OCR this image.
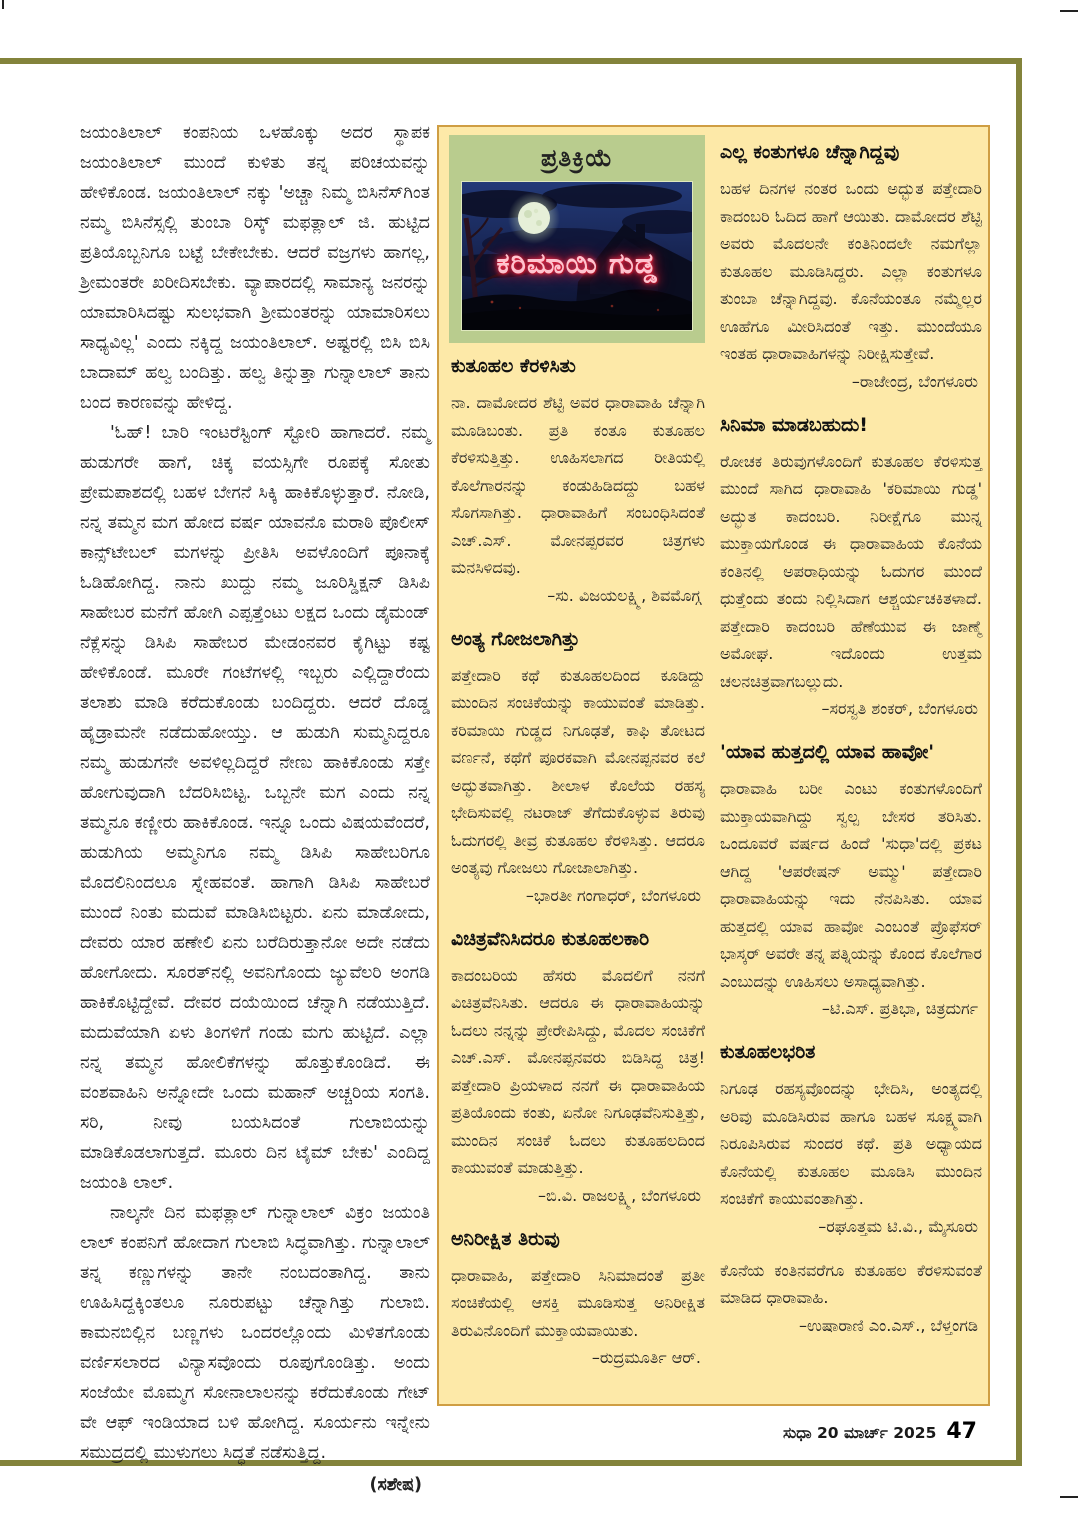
ಜಯಂತಿಲಾಲ್ ಕಂಪನಿಯ ಒಳಹೊಕ್ಕು ಅದರ ಸ್ಥಾಪಕ ಜಯಂತಿಲಾಲ್ ಮುಂದೆ ಕುಳಿತು ತನ್ನ ಪರಿಚಯವನ್ನು ಹೇಳಿಕೊಂಡ. ಜಯಂತಿಲಾಲ್ ನಕ್ಕು 'ಅಚ್ಚಾ ನಿಮ್ಮ ಬಿಸಿನೆಸ್‌ಗಿಂತ ನಮ್ಮ ಬಿಸಿನೆಸ್ಸಲ್ಲಿ ತುಂಬಾ ರಿಸ್ಕ್ ಮಫತ್ಲಾಲ್ ಜಿ. ಹುಟ್ಟಿದ ಪ್ರತಿಯೊಬ್ಬನಿಗೂ ಬಟ್ಟೆ ಬೇಕೇಬೇಕು. ಆದರೆ ವಜ್ರಗಳು ಹಾಗಲ್ಲ, ಶ್ರೀಮಂತರೇ ಖರೀದಿಸಬೇಕು. ವ್ಯಾಪಾರದಲ್ಲಿ ಸಾಮಾನ್ಯ ಜನರನ್ನು ಯಾಮಾರಿಸಿದಷ್ಟು ಸುಲಭವಾಗಿ ಶ್ರೀಮಂತರನ್ನು ಯಾಮಾರಿಸಲು ಸಾಧ್ಯವಿಲ್ಲ' ಎಂದು ನಕ್ಕಿದ್ದ ಜಯಂತಿಲಾಲ್. ಅಷ್ಟರಲ್ಲಿ ಬಿಸಿ ಬಿಸಿ ಬಾದಾಮ್ ಹಲ್ವ ಬಂದಿತ್ತು. ಹಲ್ವ ತಿನ್ನುತ್ತಾ ಗುನ್ನಾಲಾಲ್ ತಾನು ಬಂದ ಕಾರಣವನ್ನು ಹೇಳಿದ್ದ.

'ಓಹ್! ಬಾರಿ ಇಂಟರೆಸ್ಟಿಂಗ್ ಸ್ಟೋರಿ ಹಾಗಾದರೆ. ನಮ್ಮ ಹುಡುಗರೇ ಹಾಗೆ, ಚಿಕ್ಕ ವಯಸ್ಸಿಗೇ ರೂಪಕ್ಕೆ ಸೋತು ಪ್ರೇಮಪಾಶದಲ್ಲಿ ಬಹಳ ಬೇಗನೆ ಸಿಕ್ಕಿ ಹಾಕಿಕೊಳ್ಳುತ್ತಾರೆ. ನೋಡಿ, ನನ್ನ ತಮ್ಮನ ಮಗ ಹೋದ ವರ್ಷ ಯಾವನೊ ಮರಾಠಿ ಪೊಲೀಸ್ ಕಾನ್ಸ್‌ಟೇಬಲ್ ಮಗಳನ್ನು ಪ್ರೀತಿಸಿ ಅವಳೊಂದಿಗೆ ಪೂನಾಕ್ಕೆ ಓಡಿಹೋಗಿದ್ದ. ನಾನು ಖುದ್ದು ನಮ್ಮ ಜೂರಿಸ್ಡಿಕ್ಷನ್ ಡಿಸಿಪಿ ಸಾಹೇಬರ ಮನೆಗೆ ಹೋಗಿ ಎಪ್ಪತ್ತೆಂಟು ಲಕ್ಷದ ಒಂದು ಡೈಮಂಡ್ ನೆಕ್ಲೆಸನ್ನು ಡಿಸಿಪಿ ಸಾಹೇಬರ ಮೇಡಂನವರ ಕೈಗಿಟ್ಟು ಕಷ್ಟ ಹೇಳಿಕೊಂಡೆ. ಮೂರೇ ಗಂಟೆಗಳಲ್ಲಿ ಇಬ್ಬರು ಎಲ್ಲಿದ್ದಾರೆಂದು ತಲಾಶು ಮಾಡಿ ಕರೆದುಕೊಂಡು ಬಂದಿದ್ದರು. ಆದರೆ ದೊಡ್ಡ ಹೈಡ್ರಾಮನೇ ನಡೆದುಹೋಯ್ತು. ಆ ಹುಡುಗಿ ಸುಮ್ಮನಿದ್ದರೂ ನಮ್ಮ ಹುಡುಗನೇ ಅವಳಿಲ್ಲದಿದ್ದರೆ ನೇಣು ಹಾಕಿಕೊಂಡು ಸತ್ತೇ ಹೋಗುವುದಾಗಿ ಬೆದರಿಸಿಬಿಟ್ಟ. ಒಬ್ಬನೇ ಮಗ ಎಂದು ನನ್ನ ತಮ್ಮನೂ ಕಣ್ಣೀರು ಹಾಕಿಕೊಂಡ. ಇನ್ನೂ ಒಂದು ವಿಷಯವೆಂದರೆ, ಹುಡುಗಿಯ ಅಮ್ಮನಿಗೂ ನಮ್ಮ ಡಿಸಿಪಿ ಸಾಹೇಬರಿಗೂ ಮೊದಲಿನಿಂದಲೂ ಸ್ನೇಹವಂತೆ. ಹಾಗಾಗಿ ಡಿಸಿಪಿ ಸಾಹೇಬರೆ ಮುಂದೆ ನಿಂತು ಮದುವೆ ಮಾಡಿಸಿಬಿಟ್ಟರು. ಏನು ಮಾಡೋದು, ದೇವರು ಯಾರ ಹಣೇಲಿ ಏನು ಬರೆದಿರುತ್ತಾನೋ ಅದೇ ನಡೆದು ಹೋಗೋದು. ಸೂರತ್‌ನಲ್ಲಿ ಅವನಿಗೊಂದು ಜ್ಯುವೆಲರಿ ಅಂಗಡಿ ಹಾಕಿಕೊಟ್ಟಿದ್ದೇವೆ. ದೇವರ ದಯೆಯಿಂದ ಚೆನ್ನಾಗಿ ನಡೆಯುತ್ತಿದೆ. ಮದುವೆಯಾಗಿ ಏಳು ತಿಂಗಳಿಗೆ ಗಂಡು ಮಗು ಹುಟ್ಟಿದೆ. ಎಲ್ಲಾ ನನ್ನ ತಮ್ಮನ ಹೋಲಿಕೆಗಳನ್ನು ಹೊತ್ತುಕೊಂಡಿದೆ. ಈ ವಂಶವಾಹಿನಿ ಅನ್ನೋದೇ ಒಂದು ಮಹಾನ್ ಅಚ್ಚರಿಯ ಸಂಗತಿ. ಸರಿ, ನೀವು ಬಯಸಿದಂತೆ ಗುಲಾಬಿಯನ್ನು ಮಾಡಿಕೊಡಲಾಗುತ್ತದೆ. ಮೂರು ದಿನ ಟೈಮ್ ಬೇಕು' ಎಂದಿದ್ದ ಜಯಂತಿ ಲಾಲ್.

ನಾಲ್ಕನೇ ದಿನ ಮಫತ್ಲಾಲ್ ಗುನ್ನಾಲಾಲ್ ವಿಕ್ರಂ ಜಯಂತಿ ಲಾಲ್ ಕಂಪನಿಗೆ ಹೋದಾಗ ಗುಲಾಬಿ ಸಿದ್ಧವಾಗಿತ್ತು. ಗುನ್ನಾಲಾಲ್ ತನ್ನ ಕಣ್ಣುಗಳನ್ನು ತಾನೇ ನಂಬದಂತಾಗಿದ್ದ. ತಾನು ಊಹಿಸಿದ್ದಕ್ಕಿಂತಲೂ ನೂರುಪಟ್ಟು ಚೆನ್ನಾಗಿತ್ತು ಗುಲಾಬಿ. ಕಾಮನಬಿಲ್ಲಿನ ಬಣ್ಣಗಳು ಒಂದರಲ್ಲೊಂದು ಮಿಳಿತಗೊಂಡು ವರ್ಣಿಸಲಾರದ ವಿನ್ಯಾಸವೊಂದು ರೂಪುಗೊಂಡಿತ್ತು. ಅಂದು ಸಂಜೆಯೇ ಮೊಮ್ಮಗ ಸೋನಾಲಾಲನನ್ನು ಕರೆದುಕೊಂಡು ಗೇಟ್ ವೇ ಆಫ್ ಇಂಡಿಯಾದ ಬಳಿ ಹೋಗಿದ್ದ. ಸೂರ್ಯನು ಇನ್ನೇನು ಸಮುದ್ರದಲ್ಲಿ ಮುಳುಗಲು ಸಿದ್ಧತೆ ನಡೆಸುತ್ತಿದ್ದ.

(ಸಶೇಷ)

ಪ್ರತಿಕ್ರಿಯೆ
ಕರಿಮಾಯಿ ಗುಡ್ಡ
ಕುತೂಹಲ ಕೆರಳಿಸಿತು

ನಾ. ದಾಮೋದರ ಶೆಟ್ಟಿ ಅವರ ಧಾರಾವಾಹಿ ಚೆನ್ನಾಗಿ ಮೂಡಿಬಂತು. ಪ್ರತಿ ಕಂತೂ ಕುತೂಹಲ ಕೆರಳಿಸುತ್ತಿತ್ತು. ಊಹಿಸಲಾಗದ ರೀತಿಯಲ್ಲಿ ಕೊಲೆಗಾರನನ್ನು ಕಂಡುಹಿಡಿದದ್ದು ಬಹಳ ಸೊಗಸಾಗಿತ್ತು. ಧಾರಾವಾಹಿಗೆ ಸಂಬಂಧಿಸಿದಂತೆ ಎಚ್.ಎಸ್. ಮೋನಪ್ಪರವರ ಚಿತ್ರಗಳು ಮನಸಿಳಿದವು.

–ಸು. ವಿಜಯಲಕ್ಷ್ಮಿ, ಶಿವಮೊಗ್ಗ
ಅಂತ್ಯ ಗೋಜಲಾಗಿತ್ತು

ಪತ್ತೇದಾರಿ ಕಥೆ ಕುತೂಹಲದಿಂದ ಕೂಡಿದ್ದು ಮುಂದಿನ ಸಂಚಿಕೆಯನ್ನು ಕಾಯುವಂತೆ ಮಾಡಿತ್ತು. ಕರಿಮಾಯಿ ಗುಡ್ಡದ ನಿಗೂಢತೆ, ಕಾಫಿ ತೋಟದ ವರ್ಣನೆ, ಕಥೆಗೆ ಪೂರಕವಾಗಿ ಮೋನಪ್ಪನವರ ಕಲೆ ಅದ್ಭುತವಾಗಿತ್ತು. ಶೀಲಾಳ ಕೊಲೆಯ ರಹಸ್ಯ ಭೇದಿಸುವಲ್ಲಿ ನಟರಾಜ್ ತೆಗೆದುಕೊಳ್ಳುವ ತಿರುವು ಓದುಗರಲ್ಲಿ ತೀವ್ರ ಕುತೂಹಲ ಕೆರಳಿಸಿತ್ತು. ಆದರೂ ಅಂತ್ಯವು ಗೋಜಲು ಗೋಜಾಲಾಗಿತ್ತು.

–ಭಾರತೀ ಗಂಗಾಧರ್, ಬೆಂಗಳೂರು
ವಿಚಿತ್ರವೆನಿಸಿದರೂ ಕುತೂಹಲಕಾರಿ

ಕಾದಂಬರಿಯ ಹೆಸರು ಮೊದಲಿಗೆ ನನಗೆ ವಿಚಿತ್ರವೆನಿಸಿತು. ಆದರೂ ಈ ಧಾರಾವಾಹಿಯನ್ನು ಓದಲು ನನ್ನನ್ನು ಪ್ರೇರೇಪಿಸಿದ್ದು, ಮೊದಲ ಸಂಚಿಕೆಗೆ ಎಚ್.ಎಸ್. ಮೋನಪ್ಪನವರು ಬಿಡಿಸಿದ್ದ ಚಿತ್ರ! ಪತ್ತೇದಾರಿ ಪ್ರಿಯಳಾದ ನನಗೆ ಈ ಧಾರಾವಾಹಿಯ ಪ್ರತಿಯೊಂದು ಕಂತು, ಏನೋ ನಿಗೂಢವೆನಿಸುತ್ತಿತ್ತು, ಮುಂದಿನ ಸಂಚಿಕೆ ಓದಲು ಕುತೂಹಲದಿಂದ ಕಾಯುವಂತೆ ಮಾಡುತ್ತಿತ್ತು.

–ಬಿ.ವಿ. ರಾಜಲಕ್ಷ್ಮಿ, ಬೆಂಗಳೂರು
ಅನಿರೀಕ್ಷಿತ ತಿರುವು

ಧಾರಾವಾಹಿ, ಪತ್ತೇದಾರಿ ಸಿನಿಮಾದಂತೆ ಪ್ರತೀ ಸಂಚಿಕೆಯಲ್ಲಿ ಆಸಕ್ತಿ ಮೂಡಿಸುತ್ತ ಅನಿರೀಕ್ಷಿತ ತಿರುವಿನೊಂದಿಗೆ ಮುಕ್ತಾಯವಾಯಿತು.

–ರುದ್ರಮೂರ್ತಿ ಆರ್.
ಎಲ್ಲ ಕಂತುಗಳೂ ಚೆನ್ನಾಗಿದ್ದವು

ಬಹಳ ದಿನಗಳ ನಂತರ ಒಂದು ಅದ್ಭುತ ಪತ್ತೇದಾರಿ ಕಾದಂಬರಿ ಓದಿದ ಹಾಗೆ ಆಯಿತು. ದಾಮೋದರ ಶೆಟ್ಟಿ ಅವರು ಮೊದಲನೇ ಕಂತಿನಿಂದಲೇ ನಮಗೆಲ್ಲಾ ಕುತೂಹಲ ಮೂಡಿಸಿದ್ದರು. ಎಲ್ಲಾ ಕಂತುಗಳೂ ತುಂಬಾ ಚೆನ್ನಾಗಿದ್ದವು. ಕೊನೆಯಂತೂ ನಮ್ಮೆಲ್ಲರ ಊಹೆಗೂ ಮೀರಿಸಿದಂತೆ ಇತ್ತು. ಮುಂದೆಯೂ ಇಂತಹ ಧಾರಾವಾಹಿಗಳನ್ನು ನಿರೀಕ್ಷಿಸುತ್ತೇವೆ.

–ರಾಜೇಂದ್ರ, ಬೆಂಗಳೂರು
ಸಿನಿಮಾ ಮಾಡಬಹುದು!

ರೋಚಕ ತಿರುವುಗಳೊಂದಿಗೆ ಕುತೂಹಲ ಕೆರಳಿಸುತ್ತ ಮುಂದೆ ಸಾಗಿದ ಧಾರಾವಾಹಿ 'ಕರಿಮಾಯಿ ಗುಡ್ಡ' ಅದ್ಭುತ ಕಾದಂಬರಿ. ನಿರೀಕ್ಷೆಗೂ ಮುನ್ನ ಮುಕ್ತಾಯಗೊಂಡ ಈ ಧಾರಾವಾಹಿಯ ಕೊನೆಯ ಕಂತಿನಲ್ಲಿ ಅಪರಾಧಿಯನ್ನು ಓದುಗರ ಮುಂದೆ ಧುತ್ತೆಂದು ತಂದು ನಿಲ್ಲಿಸಿದಾಗ ಆಶ್ಚರ್ಯಚಕಿತಳಾದೆ. ಪತ್ತೇದಾರಿ ಕಾದಂಬರಿ ಹೆಣೆಯುವ ಈ ಜಾಣ್ಮೆ ಅಮೋಘ. ಇದೊಂದು ಉತ್ತಮ ಚಲನಚಿತ್ರವಾಗಬಲ್ಲುದು.

–ಸರಸ್ವತಿ ಶಂಕರ್, ಬೆಂಗಳೂರು
'ಯಾವ ಹುತ್ತದಲ್ಲಿ ಯಾವ ಹಾವೋ'

ಧಾರಾವಾಹಿ ಬರೀ ಎಂಟು ಕಂತುಗಳೊಂದಿಗೆ ಮುಕ್ತಾಯವಾಗಿದ್ದು ಸ್ವಲ್ಪ ಬೇಸರ ತರಿಸಿತು. ಒಂದೂವರೆ ವರ್ಷದ ಹಿಂದೆ 'ಸುಧಾ'ದಲ್ಲಿ ಪ್ರಕಟ ಆಗಿದ್ದ 'ಆಪರೇಷನ್ ಅಮ್ಮು' ಪತ್ತೇದಾರಿ ಧಾರಾವಾಹಿಯನ್ನು ಇದು ನೆನಪಿಸಿತು. ಯಾವ ಹುತ್ತದಲ್ಲಿ ಯಾವ ಹಾವೋ ಎಂಬಂತೆ ಪ್ರೊಫೆಸರ್ ಭಾಸ್ಕರ್ ಅವರೇ ತನ್ನ ಪತ್ನಿಯನ್ನು ಕೊಂದ ಕೊಲೆಗಾರ ಎಂಬುದನ್ನು ಊಹಿಸಲು ಅಸಾಧ್ಯವಾಗಿತ್ತು.

–ಟಿ.ಎಸ್. ಪ್ರತಿಭಾ, ಚಿತ್ರದುರ್ಗ
ಕುತೂಹಲಭರಿತ

ನಿಗೂಢ ರಹಸ್ಯವೊಂದನ್ನು ಭೇದಿಸಿ, ಅಂತ್ಯದಲ್ಲಿ ಅರಿವು ಮೂಡಿಸಿರುವ ಹಾಗೂ ಬಹಳ ಸೂಕ್ಷ್ಮವಾಗಿ ನಿರೂಪಿಸಿರುವ ಸುಂದರ ಕಥೆ. ಪ್ರತಿ ಅಧ್ಯಾಯದ ಕೊನೆಯಲ್ಲಿ ಕುತೂಹಲ ಮೂಡಿಸಿ ಮುಂದಿನ ಸಂಚಿಕೆಗೆ ಕಾಯುವಂತಾಗಿತ್ತು.

–ರಘೂತ್ತಮ ಟಿ.ವಿ., ಮೈಸೂರು

ಕೊನೆಯ ಕಂತಿನವರೆಗೂ ಕುತೂಹಲ ಕೆರಳಿಸುವಂತೆ ಮಾಡಿದ ಧಾರಾವಾಹಿ.

–ಉಷಾರಾಣಿ ಎಂ.ಎಸ್., ಬೆಳ್ತಂಗಡಿ
ಸುಧಾ 20 ಮಾರ್ಚ್ 2025 47
